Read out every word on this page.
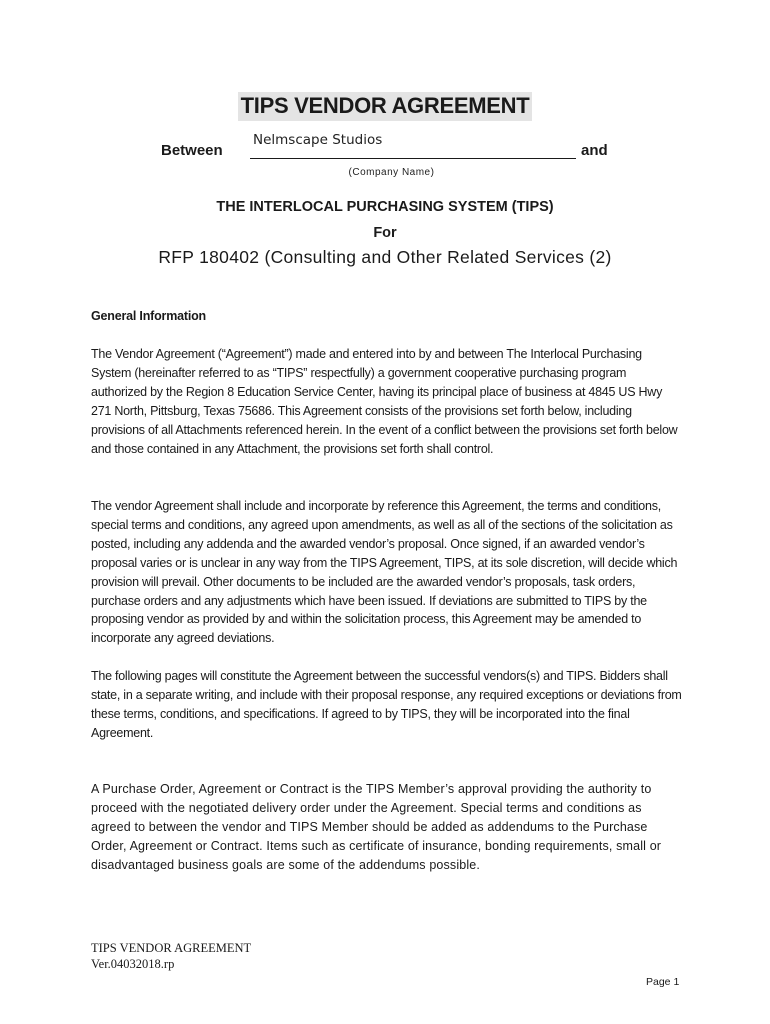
TIPS VENDOR AGREEMENT
Between
Nelmscape Studios
and
(Company Name)
THE INTERLOCAL PURCHASING SYSTEM (TIPS)
For
RFP 180402 (Consulting and Other Related Services (2)
General Information

The Vendor Agreement (“Agreement”) made and entered into by and between The Interlocal Purchasing System (hereinafter referred to as “TIPS” respectfully) a government cooperative purchasing program authorized by the Region 8 Education Service Center, having its principal place of business at 4845 US Hwy 271 North, Pittsburg, Texas 75686. This Agreement consists of the provisions set forth below, including provisions of all Attachments referenced herein. In the event of a conflict between the provisions set forth below and those contained in any Attachment, the provisions set forth shall control.

The vendor Agreement shall include and incorporate by reference this Agreement, the terms and conditions, special terms and conditions, any agreed upon amendments, as well as all of the sections of the solicitation as posted, including any addenda and the awarded vendor’s proposal. Once signed, if an awarded vendor’s proposal varies or is unclear in any way from the TIPS Agreement, TIPS, at its sole discretion, will decide which provision will prevail. Other documents to be included are the awarded vendor’s proposals, task orders, purchase orders and any adjustments which have been issued. If deviations are submitted to TIPS by the proposing vendor as provided by and within the solicitation process, this Agreement may be amended to incorporate any agreed deviations.

The following pages will constitute the Agreement between the successful vendors(s) and TIPS. Bidders shall state, in a separate writing, and include with their proposal response, any required exceptions or deviations from these terms, conditions, and specifications. If agreed to by TIPS, they will be incorporated into the final Agreement.

A Purchase Order, Agreement or Contract is the TIPS Member’s approval providing the authority to proceed with the negotiated delivery order under the Agreement. Special terms and conditions as agreed to between the vendor and TIPS Member should be added as addendums to the Purchase Order, Agreement or Contract. Items such as certificate of insurance, bonding requirements, small or disadvantaged business goals are some of the addendums possible.

TIPS VENDOR AGREEMENT
Ver.04032018.rp
Page 1
